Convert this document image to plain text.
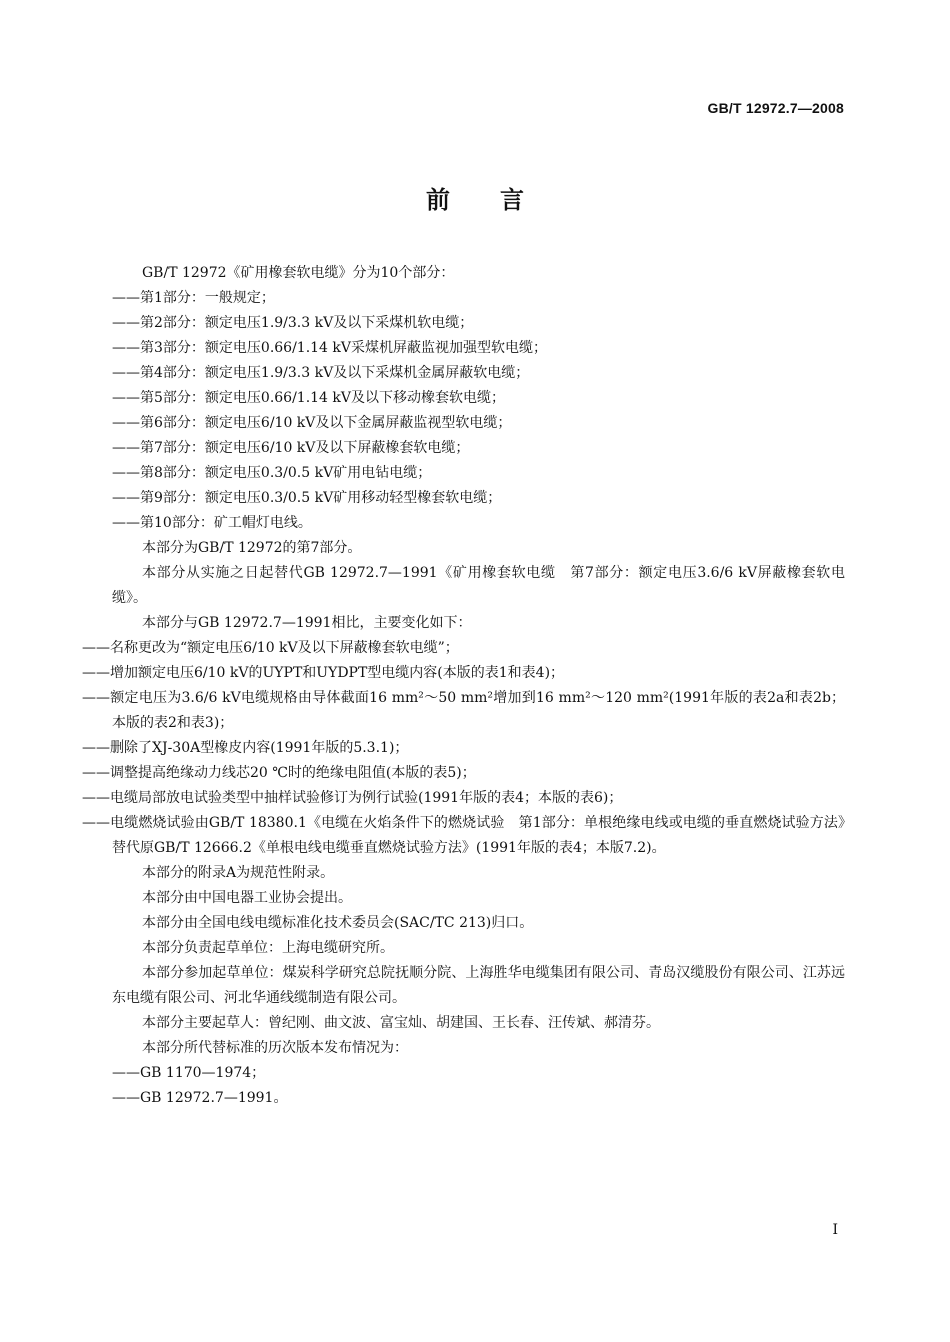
GB/T 12972.7—2008
前言

GB/T 12972《矿用橡套软电缆》分为10个部分：

——第1部分：一般规定；

——第2部分：额定电压1.9/3.3 kV及以下采煤机软电缆；

——第3部分：额定电压0.66/1.14 kV采煤机屏蔽监视加强型软电缆；

——第4部分：额定电压1.9/3.3 kV及以下采煤机金属屏蔽软电缆；

——第5部分：额定电压0.66/1.14 kV及以下移动橡套软电缆；

——第6部分：额定电压6/10 kV及以下金属屏蔽监视型软电缆；

——第7部分：额定电压6/10 kV及以下屏蔽橡套软电缆；

——第8部分：额定电压0.3/0.5 kV矿用电钻电缆；

——第9部分：额定电压0.3/0.5 kV矿用移动轻型橡套软电缆；

——第10部分：矿工帽灯电线。

本部分为GB/T 12972的第7部分。

本部分从实施之日起替代GB 12972.7—1991《矿用橡套软电缆　第7部分：额定电压3.6/6 kV屏蔽橡套软电缆》。

本部分与GB 12972.7—1991相比，主要变化如下：

——名称更改为“额定电压6/10 kV及以下屏蔽橡套软电缆”；

——增加额定电压6/10 kV的UYPT和UYDPT型电缆内容(本版的表1和表4)；

——额定电压为3.6/6 kV电缆规格由导体截面16 mm²～50 mm²增加到16 mm²～120 mm²(1991年版的表2a和表2b；本版的表2和表3)；

——删除了XJ-30A型橡皮内容(1991年版的5.3.1)；

——调整提高绝缘动力线芯20 ℃时的绝缘电阻值(本版的表5)；

——电缆局部放电试验类型中抽样试验修订为例行试验(1991年版的表4；本版的表6)；

——电缆燃烧试验由GB/T 18380.1《电缆在火焰条件下的燃烧试验　第1部分：单根绝缘电线或电缆的垂直燃烧试验方法》替代原GB/T 12666.2《单根电线电缆垂直燃烧试验方法》(1991年版的表4；本版7.2)。

本部分的附录A为规范性附录。

本部分由中国电器工业协会提出。

本部分由全国电线电缆标准化技术委员会(SAC/TC 213)归口。

本部分负责起草单位：上海电缆研究所。

本部分参加起草单位：煤炭科学研究总院抚顺分院、上海胜华电缆集团有限公司、青岛汉缆股份有限公司、江苏远东电缆有限公司、河北华通线缆制造有限公司。

本部分主要起草人：曾纪刚、曲文波、富宝灿、胡建国、王长春、汪传斌、郝清芬。

本部分所代替标准的历次版本发布情况为：

——GB 1170—1974；

——GB 12972.7—1991。

I
